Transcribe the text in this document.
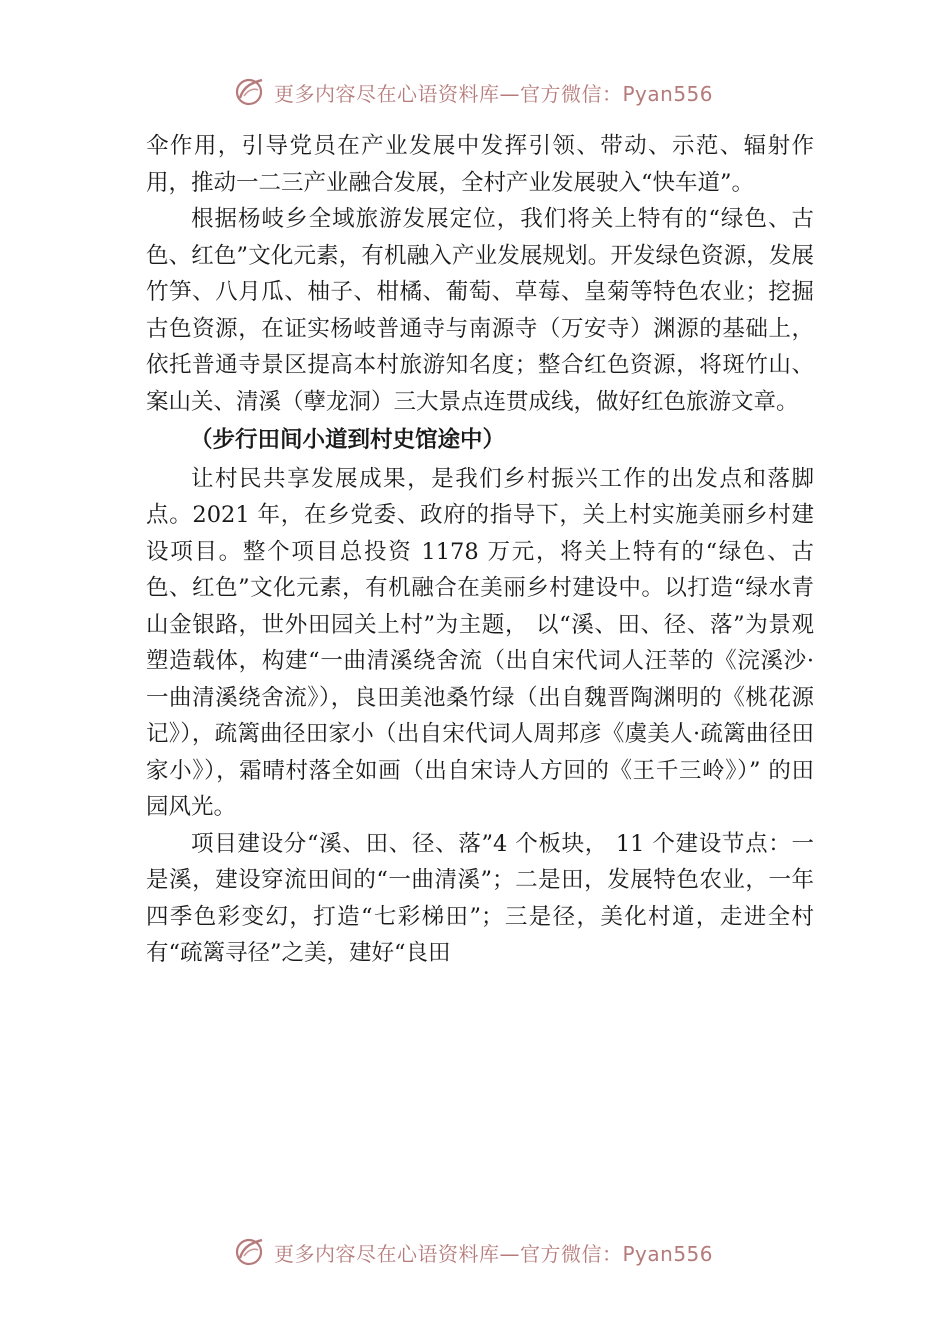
更多内容尽在心语资料库—官方微信：Pyan556

伞作用，引导党员在产业发展中发挥引领、带动、示范、辐射作用，推动一二三产业融合发展，全村产业发展驶入“快车道”。

根据杨岐乡全域旅游发展定位，我们将关上特有的“绿色、古色、红色”文化元素，有机融入产业发展规划。开发绿色资源，发展竹笋、八月瓜、柚子、柑橘、葡萄、草莓、皇菊等特色农业；挖掘古色资源，在证实杨岐普通寺与南源寺（万安寺）渊源的基础上，依托普通寺景区提高本村旅游知名度；整合红色资源，将斑竹山、案山关、清溪（孽龙洞）三大景点连贯成线，做好红色旅游文章。

（步行田间小道到村史馆途中）

让村民共享发展成果，是我们乡村振兴工作的出发点和落脚点。2021 年，在乡党委、政府的指导下，关上村实施美丽乡村建设项目。整个项目总投资 1178 万元，将关上特有的“绿色、古色、红色”文化元素，有机融合在美丽乡村建设中。以打造“绿水青山金银路，世外田园关上村”为主题， 以“溪、田、径、落”为景观塑造载体，构建“一曲清溪绕舍流（出自宋代词人汪莘的《浣溪沙·一曲清溪绕舍流》），良田美池桑竹绿（出自魏晋陶渊明的《桃花源记》），疏篱曲径田家小（出自宋代词人周邦彦《虞美人·疏篱曲径田家小》），霜晴村落全如画（出自宋诗人方回的《王千三岭》）” 的田园风光。

项目建设分“溪、田、径、落”4 个板块， 11 个建设节点：一是溪，建设穿流田间的“一曲清溪”；二是田，发展特色农业，一年四季色彩变幻，打造“七彩梯田”；三是径，美化村道，走进全村有“疏篱寻径”之美，建好“良田

更多内容尽在心语资料库—官方微信：Pyan556
